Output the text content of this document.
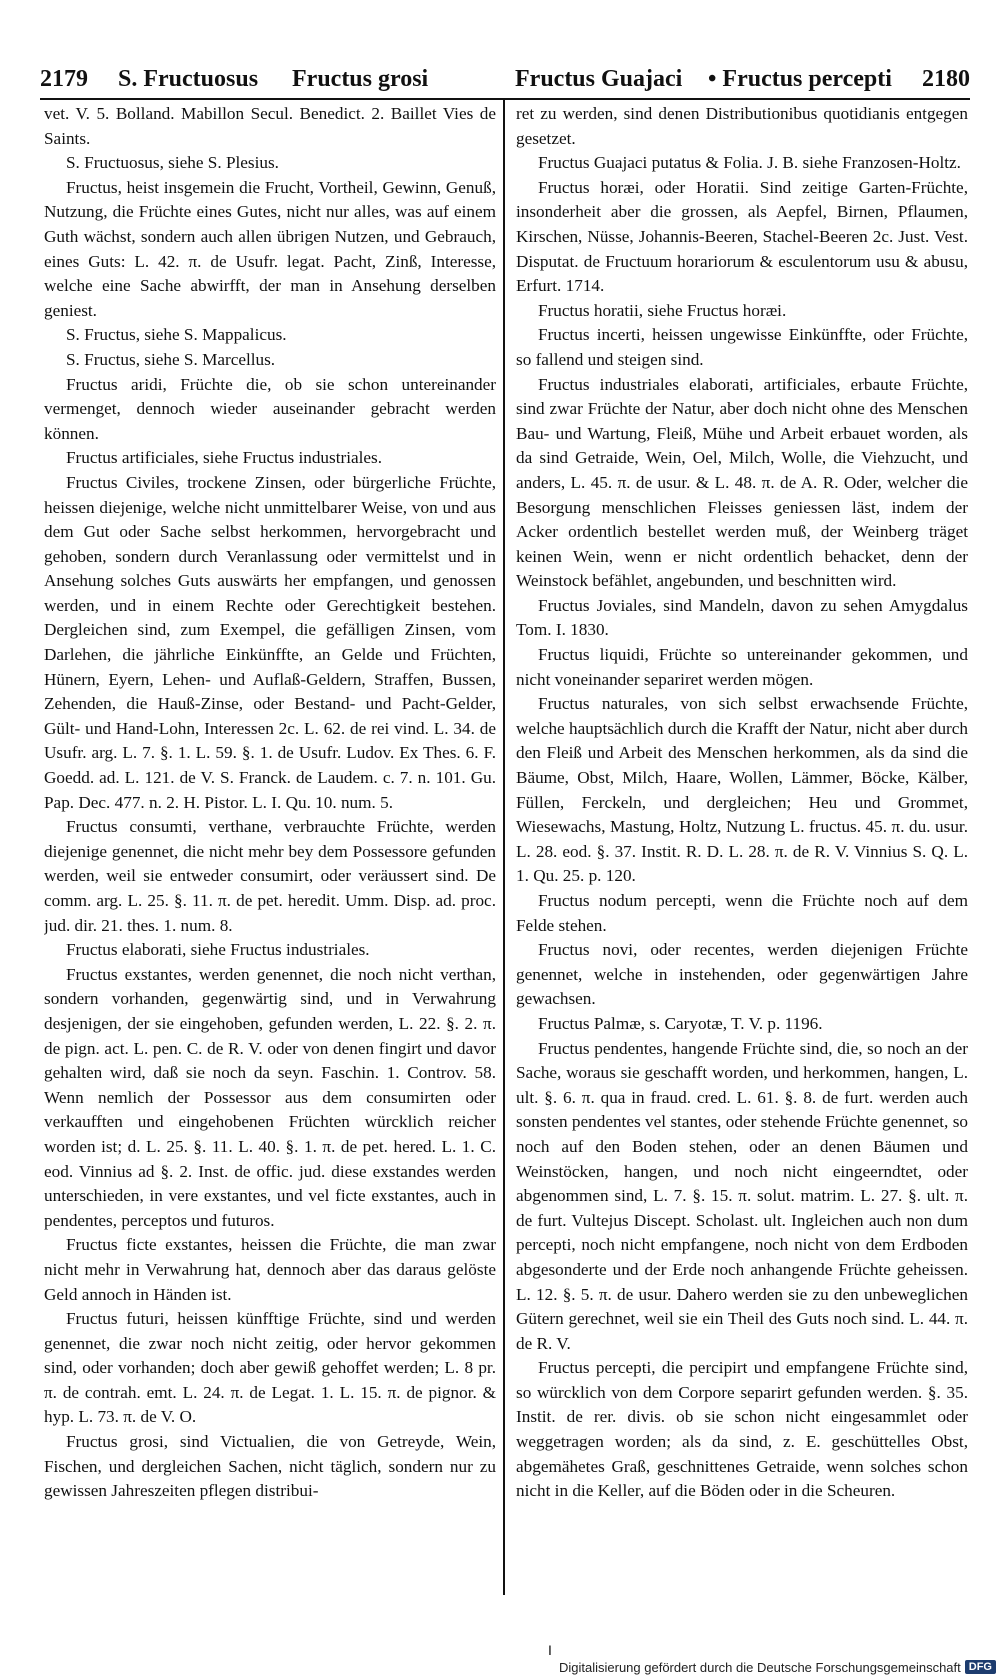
2179 S. Fructuosus Fructus grosi	Fructus Guajaci • Fructus percepti 2180

vet. V. 5. Bolland. Mabillon Secul. Benedict. 2. Baillet Vies de Saints.

S. Fructuosus, siehe S. Plesius.

Fructus, heist insgemein die Frucht, Vortheil, Gewinn, Genuß, Nutzung, die Früchte eines Gutes, nicht nur alles, was auf einem Guth wächst, sondern auch allen übrigen Nutzen, und Gebrauch, eines Guts: L. 42. π. de Usufr. legat. Pacht, Zinß, Interesse, welche eine Sache abwirfft, der man in Ansehung derselben geniest.

S. Fructus, siehe S. Mappalicus.

S. Fructus, siehe S. Marcellus.

Fructus aridi, Früchte die, ob sie schon untereinander vermenget, dennoch wieder auseinander gebracht werden können.

Fructus artificiales, siehe Fructus industriales.

Fructus Civiles, trockene Zinsen, oder bürgerliche Früchte, heissen diejenige, welche nicht unmittelbarer Weise, von und aus dem Gut oder Sache selbst herkommen, hervorgebracht und gehoben, sondern durch Veranlassung oder vermittelst und in Ansehung solches Guts auswärts her empfangen, und genossen werden, und in einem Rechte oder Gerechtigkeit bestehen. Dergleichen sind, zum Exempel, die gefälligen Zinsen, vom Darlehen, die jährliche Einkünffte, an Gelde und Früchten, Hünern, Eyern, Lehen- und Auflaß-Geldern, Straffen, Bussen, Zehenden, die Hauß-Zinse, oder Bestand- und Pacht-Gelder, Gült- und Hand-Lohn, Interessen 2c. L. 62. de rei vind. L. 34. de Usufr. arg. L. 7. §. 1. L. 59. §. 1. de Usufr. Ludov. Ex Thes. 6. F. Goedd. ad. L. 121. de V. S. Franck. de Laudem. c. 7. n. 101. Gu. Pap. Dec. 477. n. 2. H. Pistor. L. I. Qu. 10. num. 5.

Fructus consumti, verthane, verbrauchte Früchte, werden diejenige genennet, die nicht mehr bey dem Possessore gefunden werden, weil sie entweder consumirt, oder veräussert sind. De comm. arg. L. 25. §. 11. π. de pet. heredit. Umm. Disp. ad. proc. jud. dir. 21. thes. 1. num. 8.

Fructus elaborati, siehe Fructus industriales.

Fructus exstantes, werden genennet, die noch nicht verthan, sondern vorhanden, gegenwärtig sind, und in Verwahrung desjenigen, der sie eingehoben, gefunden werden, L. 22. §. 2. π. de pign. act. L. pen. C. de R. V. oder von denen fingirt und davor gehalten wird, daß sie noch da seyn. Faschin. 1. Controv. 58. Wenn nemlich der Possessor aus dem consumirten oder verkaufften und eingehobenen Früchten würcklich reicher worden ist; d. L. 25. §. 11. L. 40. §. 1. π. de pet. hered. L. 1. C. eod. Vinnius ad §. 2. Inst. de offic. jud. diese exstandes werden unterschieden, in vere exstantes, und vel ficte exstantes, auch in pendentes, perceptos und futuros.

Fructus ficte exstantes, heissen die Früchte, die man zwar nicht mehr in Verwahrung hat, dennoch aber das daraus gelöste Geld annoch in Händen ist.

Fructus futuri, heissen künfftige Früchte, sind und werden genennet, die zwar noch nicht zeitig, oder hervor gekommen sind, oder vorhanden; doch aber gewiß gehoffet werden; L. 8 pr. π. de contrah. emt. L. 24. π. de Legat. 1. L. 15. π. de pignor. & hyp. L. 73. π. de V. O.

Fructus grosi, sind Victualien, die von Getreyde, Wein, Fischen, und dergleichen Sachen, nicht täglich, sondern nur zu gewissen Jahreszeiten pflegen distribui-

ret zu werden, sind denen Distributionibus quotidianis entgegen gesetzet.

Fructus Guajaci putatus & Folia. J. B. siehe Franzosen-Holtz.

Fructus horæi, oder Horatii. Sind zeitige Garten-Früchte, insonderheit aber die grossen, als Aepfel, Birnen, Pflaumen, Kirschen, Nüsse, Johannis-Beeren, Stachel-Beeren 2c. Just. Vest. Disputat. de Fructuum horariorum & esculentorum usu & abusu, Erfurt. 1714.

Fructus horatii, siehe Fructus horæi.

Fructus incerti, heissen ungewisse Einkünffte, oder Früchte, so fallend und steigen sind.

Fructus industriales elaborati, artificiales, erbaute Früchte, sind zwar Früchte der Natur, aber doch nicht ohne des Menschen Bau- und Wartung, Fleiß, Mühe und Arbeit erbauet worden, als da sind Getraide, Wein, Oel, Milch, Wolle, die Viehzucht, und anders, L. 45. π. de usur. & L. 48. π. de A. R. Oder, welcher die Besorgung menschlichen Fleisses geniessen läst, indem der Acker ordentlich bestellet werden muß, der Weinberg träget keinen Wein, wenn er nicht ordentlich behacket, denn der Weinstock befählet, angebunden, und beschnitten wird.

Fructus Joviales, sind Mandeln, davon zu sehen Amygdalus Tom. I. 1830.

Fructus liquidi, Früchte so untereinander gekommen, und nicht voneinander separiret werden mögen.

Fructus naturales, von sich selbst erwachsende Früchte, welche hauptsächlich durch die Krafft der Natur, nicht aber durch den Fleiß und Arbeit des Menschen herkommen, als da sind die Bäume, Obst, Milch, Haare, Wollen, Lämmer, Böcke, Kälber, Füllen, Ferckeln, und dergleichen; Heu und Grommet, Wiesewachs, Mastung, Holtz, Nutzung L. fructus. 45. π. du. usur. L. 28. eod. §. 37. Instit. R. D. L. 28. π. de R. V. Vinnius S. Q. L. 1. Qu. 25. p. 120.

Fructus nodum percepti, wenn die Früchte noch auf dem Felde stehen.

Fructus novi, oder recentes, werden diejenigen Früchte genennet, welche in instehenden, oder gegenwärtigen Jahre gewachsen.

Fructus Palmæ, s. Caryotæ, T. V. p. 1196.

Fructus pendentes, hangende Früchte sind, die, so noch an der Sache, woraus sie geschafft worden, und herkommen, hangen, L. ult. §. 6. π. qua in fraud. cred. L. 61. §. 8. de furt. werden auch sonsten pendentes vel stantes, oder stehende Früchte genennet, so noch auf den Boden stehen, oder an denen Bäumen und Weinstöcken, hangen, und noch nicht eingeerndtet, oder abgenommen sind, L. 7. §. 15. π. solut. matrim. L. 27. §. ult. π. de furt. Vultejus Discept. Scholast. ult. Ingleichen auch non dum percepti, noch nicht empfangene, noch nicht von dem Erdboden abgesonderte und der Erde noch anhangende Früchte geheissen. L. 12. §. 5. π. de usur. Dahero werden sie zu den unbeweglichen Gütern gerechnet, weil sie ein Theil des Guts noch sind. L. 44. π. de R. V.

Fructus percepti, die percipirt und empfangene Früchte sind, so würcklich von dem Corpore separirt gefunden werden. §. 35. Instit. de rer. divis. ob sie schon nicht eingesammlet oder weggetragen worden; als da sind, z. E. geschüttelles Obst, abgemähetes Graß, geschnittenes Getraide, wenn solches schon nicht in die Keller, auf die Böden oder in die Scheuren.

I
Digitalisierung gefördert durch die Deutsche Forschungsgemeinschaft DFG
